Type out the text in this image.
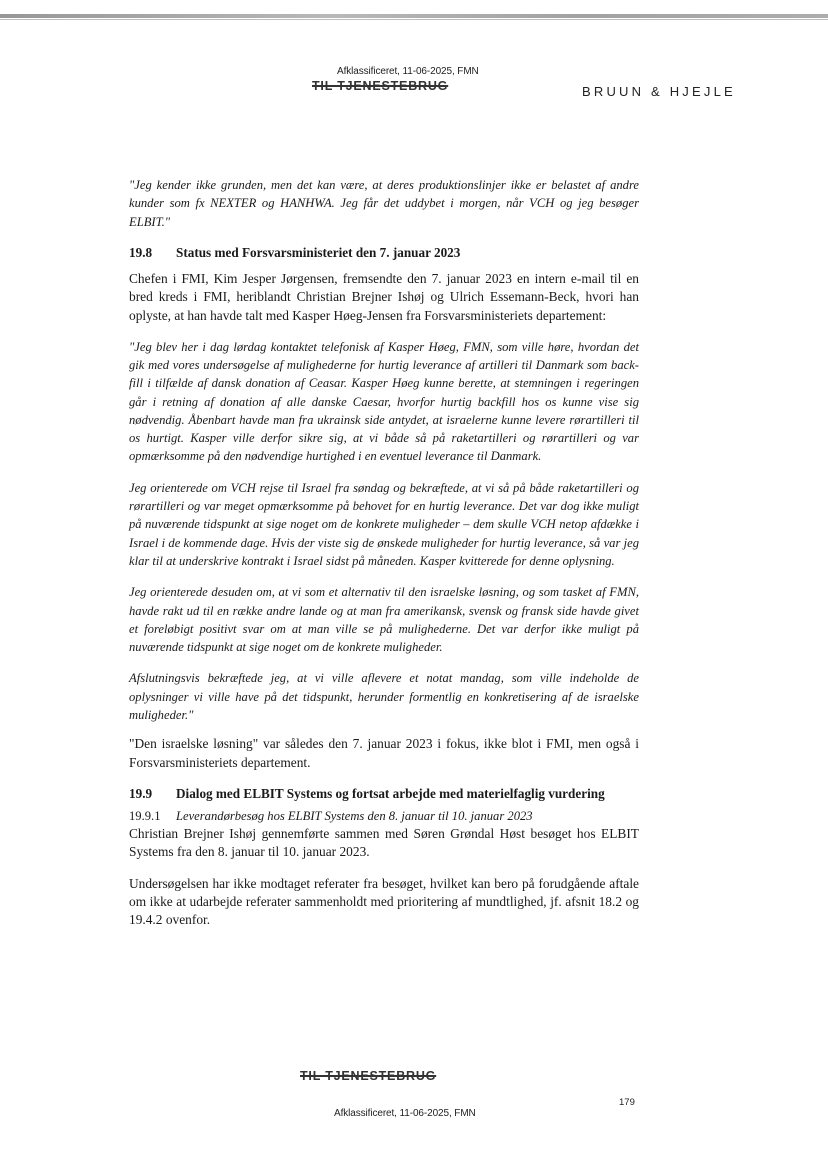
Afklassificeret, 11-06-2025, FMN
TIL TJENESTEBRUG	BRUUN & HJEJLE

"Jeg kender ikke grunden, men det kan være, at deres produktionslinjer ikke er belastet af andre kunder som fx NEXTER og HANHWA. Jeg får det uddybet i morgen, når VCH og jeg besøger ELBIT."

19.8	Status med Forsvarsministeriet den 7. januar 2023

Chefen i FMI, Kim Jesper Jørgensen, fremsendte den 7. januar 2023 en intern e-mail til en bred kreds i FMI, heriblandt Christian Brejner Ishøj og Ulrich Essemann-Beck, hvori han oplyste, at han havde talt med Kasper Høeg-Jensen fra Forsvarsministeriets departement:

"Jeg blev her i dag lørdag kontaktet telefonisk af Kasper Høeg, FMN, som ville høre, hvordan det gik med vores undersøgelse af mulighederne for hurtig leverance af artilleri til Danmark som back-fill i tilfælde af dansk donation af Ceasar. Kasper Høeg kunne berette, at stemningen i regeringen går i retning af donation af alle danske Caesar, hvorfor hurtig backfill hos os kunne vise sig nødvendig. Åbenbart havde man fra ukrainsk side antydet, at israelerne kunne levere rørartilleri til os hurtigt. Kasper ville derfor sikre sig, at vi både så på raketartilleri og rørartilleri og var opmærksomme på den nødvendige hurtighed i en eventuel leverance til Danmark.

Jeg orienterede om VCH rejse til Israel fra søndag og bekræftede, at vi så på både raketartilleri og rørartilleri og var meget opmærksomme på behovet for en hurtig leverance. Det var dog ikke muligt på nuværende tidspunkt at sige noget om de konkrete muligheder – dem skulle VCH netop afdække i Israel i de kommende dage. Hvis der viste sig de ønskede muligheder for hurtig leverance, så var jeg klar til at underskrive kontrakt i Israel sidst på måneden. Kasper kvitterede for denne oplysning.

Jeg orienterede desuden om, at vi som et alternativ til den israelske løsning, og som tasket af FMN, havde rakt ud til en række andre lande og at man fra amerikansk, svensk og fransk side havde givet et foreløbigt positivt svar om at man ville se på mulighederne. Det var derfor ikke muligt på nuværende tidspunkt at sige noget om de konkrete muligheder.

Afslutningsvis bekræftede jeg, at vi ville aflevere et notat mandag, som ville indeholde de oplysninger vi ville have på det tidspunkt, herunder formentlig en konkretisering af de israelske muligheder."

"Den israelske løsning" var således den 7. januar 2023 i fokus, ikke blot i FMI, men også i Forsvarsministeriets departement.

19.9	Dialog med ELBIT Systems og fortsat arbejde med materielfaglig vurdering
19.9.1	Leverandørbesøg hos ELBIT Systems den 8. januar til 10. januar 2023

Christian Brejner Ishøj gennemførte sammen med Søren Grøndal Høst besøget hos ELBIT Systems fra den 8. januar til 10. januar 2023.

Undersøgelsen har ikke modtaget referater fra besøget, hvilket kan bero på forudgående aftale om ikke at udarbejde referater sammenholdt med prioritering af mundtlighed, jf. afsnit 18.2 og 19.4.2 ovenfor.

TIL TJENESTEBRUG
179
Afklassificeret, 11-06-2025, FMN
